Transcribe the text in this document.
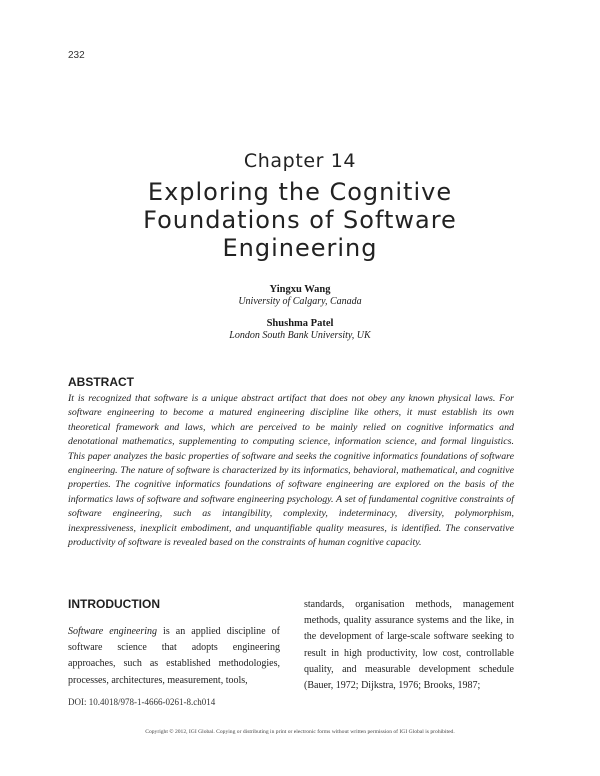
232
Chapter 14
Exploring the Cognitive
Foundations of Software
Engineering
Yingxu Wang
University of Calgary, Canada
Shushma Patel
London South Bank University, UK
ABSTRACT

It is recognized that software is a unique abstract artifact that does not obey any known physical laws. For software engineering to become a matured engineering discipline like others, it must establish its own theoretical framework and laws, which are perceived to be mainly relied on cognitive informatics and denotational mathematics, supplementing to computing science, information science, and formal linguistics. This paper analyzes the basic properties of software and seeks the cognitive informatics foundations of software engineering. The nature of software is characterized by its informatics, behavioral, mathematical, and cognitive properties. The cognitive informatics foundations of software engineering are explored on the basis of the informatics laws of software and software engineering psychology. A set of fundamental cognitive constraints of software engineering, such as intangibility, complexity, indeterminacy, diversity, polymorphism, inexpressiveness, inexplicit embodiment, and unquantifiable quality measures, is identified. The conservative productivity of software is revealed based on the constraints of human cognitive capacity.

INTRODUCTION

Software engineering is an applied discipline of software science that adopts engineering approaches, such as established methodologies, processes, architectures, measurement, tools,

standards, organisation methods, management methods, quality assurance systems and the like, in the development of large-scale software seeking to result in high productivity, low cost, controllable quality, and measurable development schedule (Bauer, 1972; Dijkstra, 1976; Brooks, 1987;

DOI: 10.4018/978-1-4666-0261-8.ch014
Copyright © 2012, IGI Global. Copying or distributing in print or electronic forms without written permission of IGI Global is prohibited.
